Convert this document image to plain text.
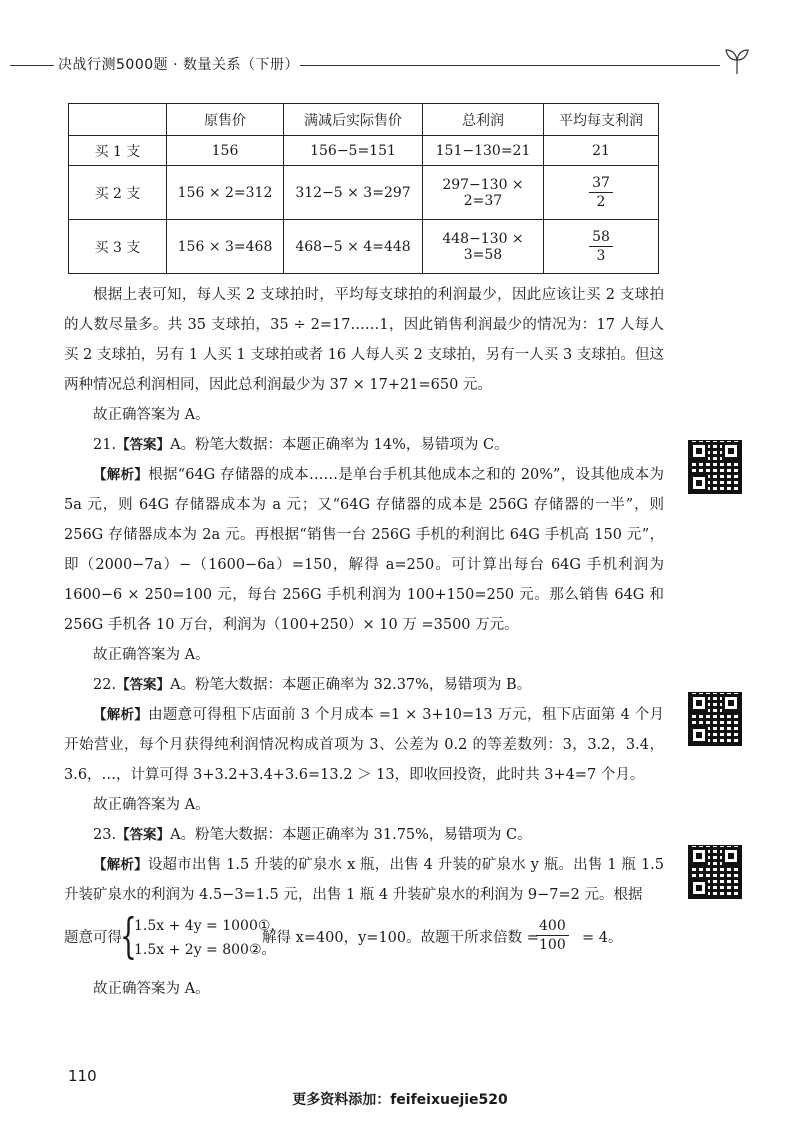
决战行测5000题 · 数量关系（下册）
	原售价	满减后实际售价	总利润	平均每支利润
买 1 支	156	156−5=151	151−130=21	21
买 2 支	156 × 2=312	312−5 × 3=297	297−130 × 2=37	$\frac{37}{2}$

买 3 支	156 × 3=468	468−5 × 4=448	448−130 × 3=58	$\frac{58}{3}$

根据上表可知，每人买 2 支球拍时，平均每支球拍的利润最少，因此应该让买 2 支球拍的人数尽量多。共 35 支球拍，35 ÷ 2=17……1，因此销售利润最少的情况为：17 人每人买 2 支球拍，另有 1 人买 1 支球拍或者 16 人每人买 2 支球拍，另有一人买 3 支球拍。但这两种情况总利润相同，因此总利润最少为 37 × 17+21=650 元。

故正确答案为 A。

21.【答案】A。粉笔大数据：本题正确率为 14%，易错项为 C。

【解析】根据“64G 存储器的成本……是单台手机其他成本之和的 20%”，设其他成本为 5a 元，则 64G 存储器成本为 a 元；又“64G 存储器的成本是 256G 存储器的一半”，则 256G 存储器成本为 2a 元。再根据“销售一台 256G 手机的利润比 64G 手机高 150 元”，即（2000−7a）−（1600−6a）=150，解得 a=250。可计算出每台 64G 手机利润为 1600−6 × 250=100 元，每台 256G 手机利润为 100+150=250 元。那么销售 64G 和 256G 手机各 10 万台，利润为（100+250）× 10 万 =3500 万元。

故正确答案为 A。

22.【答案】A。粉笔大数据：本题正确率为 32.37%，易错项为 B。

【解析】由题意可得租下店面前 3 个月成本 =1 × 3+10=13 万元，租下店面第 4 个月开始营业，每个月获得纯利润情况构成首项为 3、公差为 0.2 的等差数列：3，3.2，3.4，3.6，…，计算可得 3+3.2+3.4+3.6=13.2 ＞ 13，即收回投资，此时共 3+4=7 个月。

故正确答案为 A。

23.【答案】A。粉笔大数据：本题正确率为 31.75%，易错项为 C。

【解析】设超市出售 1.5 升装的矿泉水 x 瓶，出售 4 升装的矿泉水 y 瓶。出售 1 瓶 1.5 升装矿泉水的利润为 4.5−3=1.5 元，出售 1 瓶 4 升装矿泉水的利润为 9−7=2 元。根据

题意可得
{
1.5x + 4y = 1000①，
1.5x + 2y = 800②。
解得 x=400，y=100。故题干所求倍数 =
$\frac{400}{100} = 4$。

故正确答案为 A。

110
更多资料添加：feifeixuejie520
